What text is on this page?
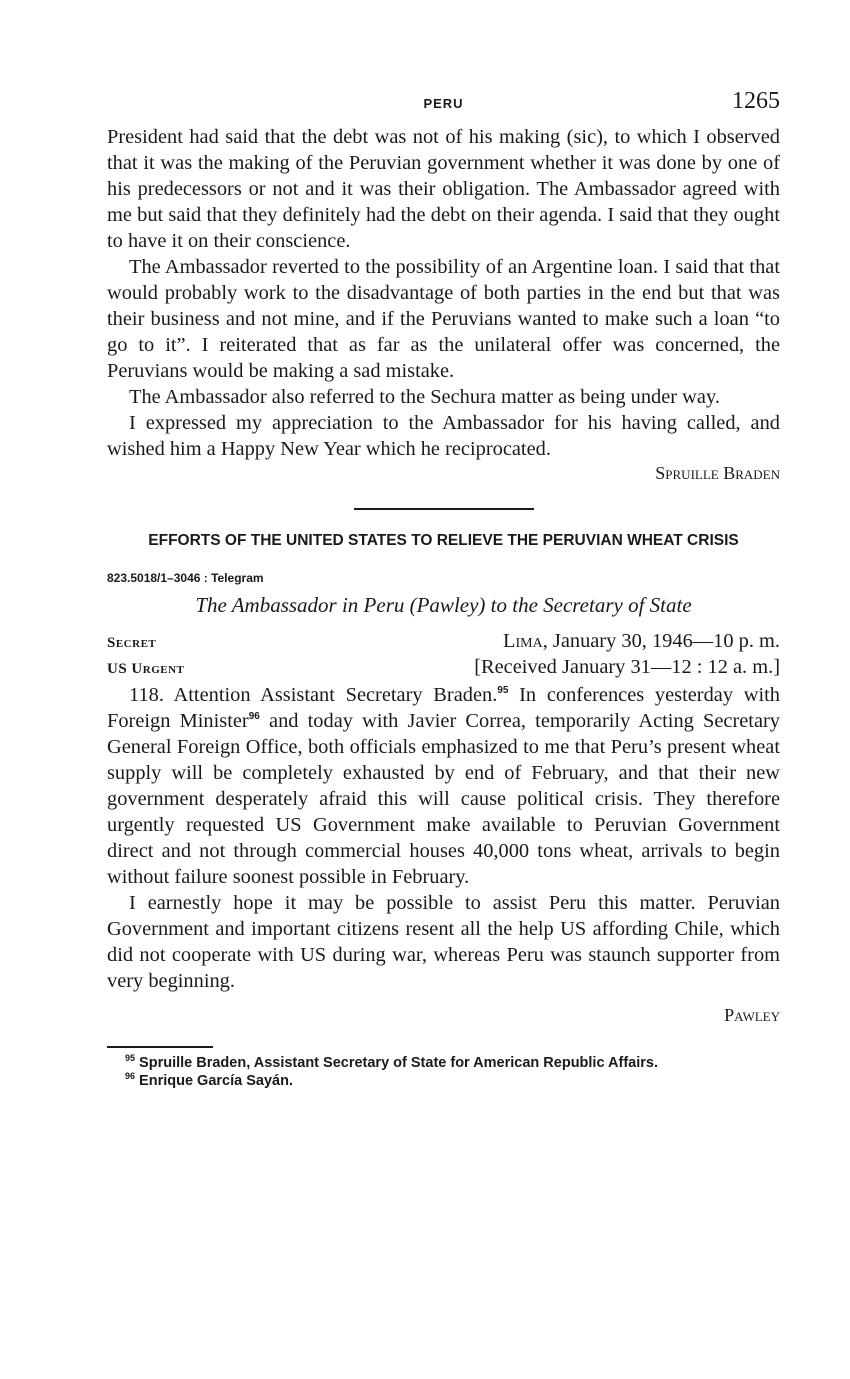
PERU	1265

President had said that the debt was not of his making (sic), to which I observed that it was the making of the Peruvian government whether it was done by one of his predecessors or not and it was their obligation. The Ambassador agreed with me but said that they definitely had the debt on their agenda. I said that they ought to have it on their conscience.

The Ambassador reverted to the possibility of an Argentine loan. I said that that would probably work to the disadvantage of both parties in the end but that was their business and not mine, and if the Peruvians wanted to make such a loan “to go to it”. I reiterated that as far as the unilateral offer was concerned, the Peruvians would be making a sad mistake.

The Ambassador also referred to the Sechura matter as being under way.

I expressed my appreciation to the Ambassador for his having called, and wished him a Happy New Year which he reciprocated.

Spruille Braden
EFFORTS OF THE UNITED STATES TO RELIEVE THE PERUVIAN WHEAT CRISIS
823.5018/1–3046 : Telegram
The Ambassador in Peru (Pawley) to the Secretary of State
Secret	Lima, January 30, 1946—10 p. m.
US Urgent	[Received January 31—12 : 12 a. m.]

118. Attention Assistant Secretary Braden.$^{95}$ In conferences yesterday with Foreign Minister$^{96}$ and today with Javier Correa, temporarily Acting Secretary General Foreign Office, both officials emphasized to me that Peru’s present wheat supply will be completely exhausted by end of February, and that their new government desperately afraid this will cause political crisis. They therefore urgently requested US Government make available to Peruvian Government direct and not through commercial houses 40,000 tons wheat, arrivals to begin without failure soonest possible in February.

I earnestly hope it may be possible to assist Peru this matter. Peruvian Government and important citizens resent all the help US affording Chile, which did not cooperate with US during war, whereas Peru was staunch supporter from very beginning.

Pawley
$^{95}$ Spruille Braden, Assistant Secretary of State for American Republic Affairs.
$^{96}$ Enrique García Sayán.
